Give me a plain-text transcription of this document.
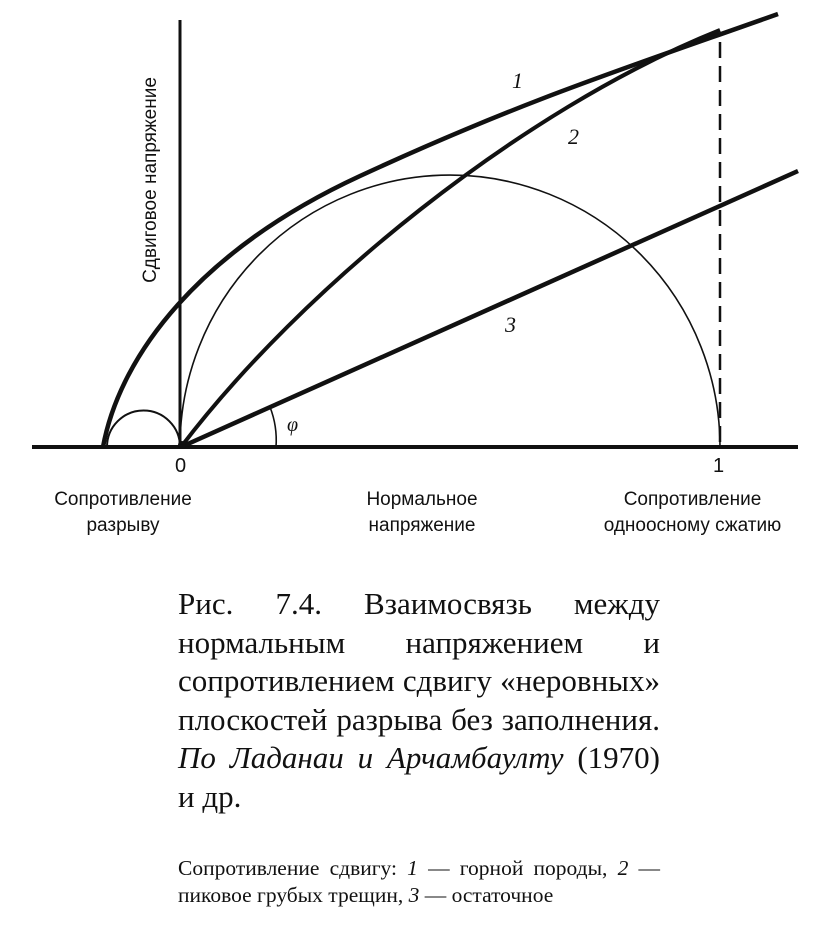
Сдвиговое напряжение	1
2
3
φ
0	1
Сопротивление
разрыву
Нормальное
напряжение
Сопротивление
одноосному сжатию
Рис. 7.4. Взаимосвязь между нормальным напряжением и сопротивлением сдвигу «неровных» плоскостей разрыва без заполнения. По Ладанаи и Арчамбаулту (1970) и др.
Сопротивление сдвигу: 1 — горной породы, 2 — пиковое грубых трещин, 3 — остаточное
